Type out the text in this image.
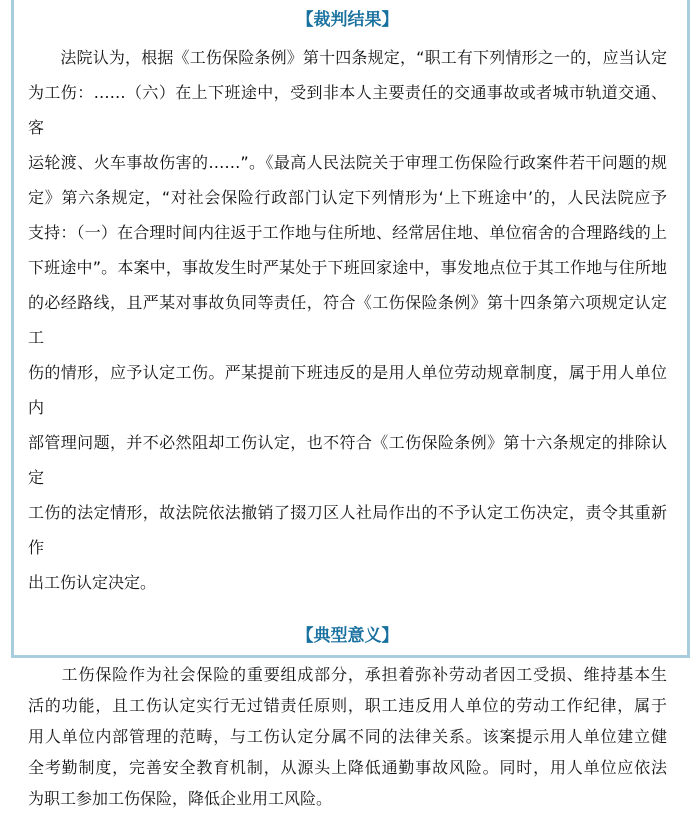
【裁判结果】
　　法院认为，根据《工伤保险条例》第十四条规定，“职工有下列情形之一的，应当认定
为工伤：……（六）在上下班途中，受到非本人主要责任的交通事故或者城市轨道交通、客
运轮渡、火车事故伤害的……”。《最高人民法院关于审理工伤保险行政案件若干问题的规
定》第六条规定，“对社会保险行政部门认定下列情形为‘上下班途中’的，人民法院应予
支持：（一）在合理时间内往返于工作地与住所地、经常居住地、单位宿舍的合理路线的上
下班途中”。本案中，事故发生时严某处于下班回家途中，事发地点位于其工作地与住所地
的必经路线，且严某对事故负同等责任，符合《工伤保险条例》第十四条第六项规定认定工
伤的情形，应予认定工伤。严某提前下班违反的是用人单位劳动规章制度，属于用人单位内
部管理问题，并不必然阻却工伤认定，也不符合《工伤保险条例》第十六条规定的排除认定
工伤的法定情形，故法院依法撤销了掇刀区人社局作出的不予认定工伤决定，责令其重新作
出工伤认定决定。
【典型意义】
　　工伤保险作为社会保险的重要组成部分，承担着弥补劳动者因工受损、维持基本生
活的功能，且工伤认定实行无过错责任原则，职工违反用人单位的劳动工作纪律，属于
用人单位内部管理的范畴，与工伤认定分属不同的法律关系。该案提示用人单位建立健
全考勤制度，完善安全教育机制，从源头上降低通勤事故风险。同时，用人单位应依法
为职工参加工伤保险，降低企业用工风险。
